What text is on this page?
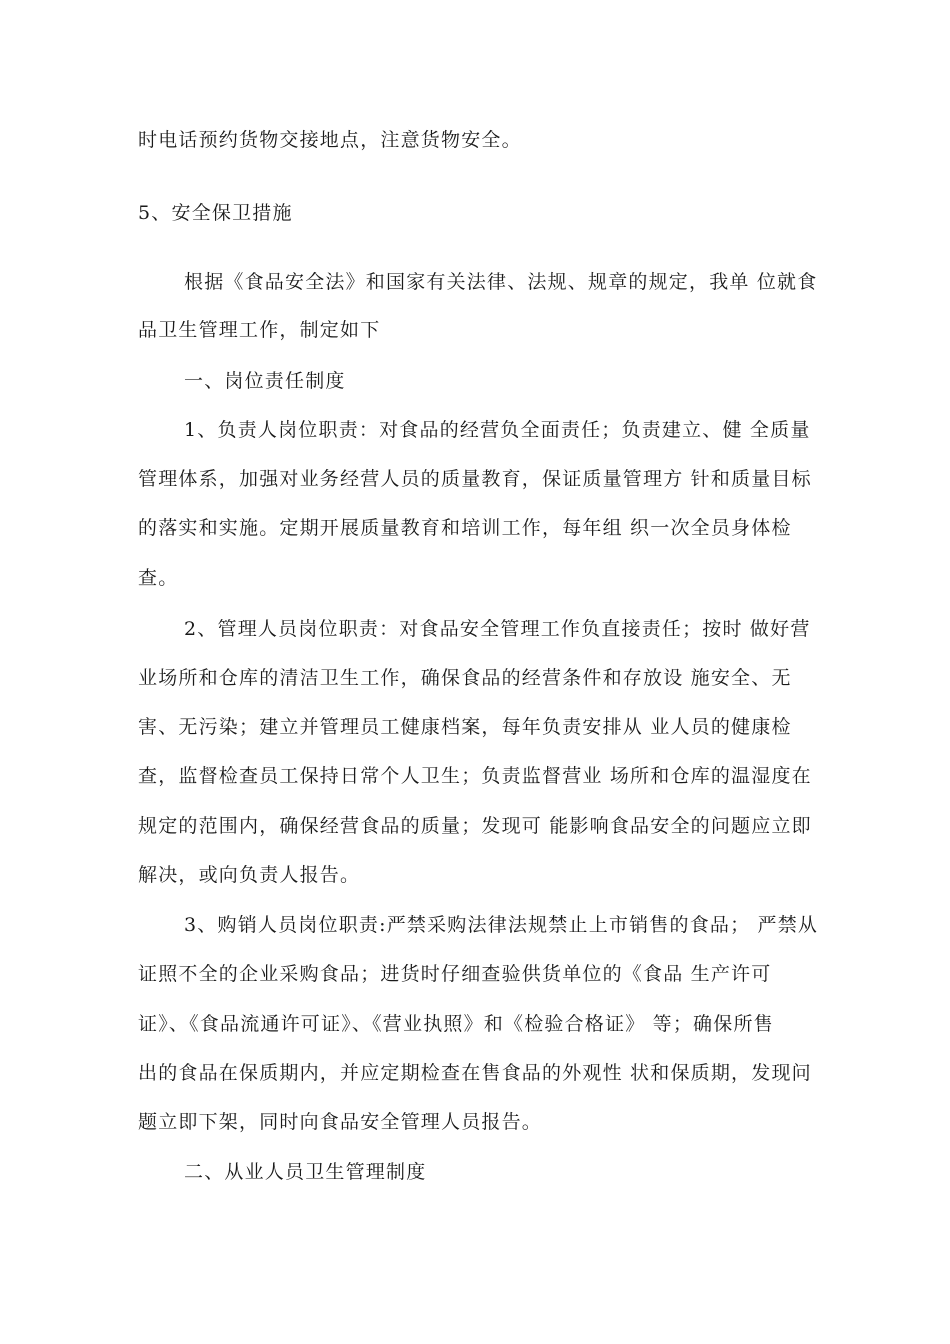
时电话预约货物交接地点，注意货物安全。
5、安全保卫措施
根据《食品安全法》和国家有关法律、法规、规章的规定，我单 位就食
品卫生管理工作，制定如下
一、岗位责任制度
1、负责人岗位职责：对食品的经营负全面责任；负责建立、健 全质量
管理体系，加强对业务经营人员的质量教育，保证质量管理方 针和质量目标
的落实和实施。定期开展质量教育和培训工作，每年组 织一次全员身体检
查。
2、管理人员岗位职责：对食品安全管理工作负直接责任；按时 做好营
业场所和仓库的清洁卫生工作，确保食品的经营条件和存放设 施安全、无
害、无污染；建立并管理员工健康档案，每年负责安排从 业人员的健康检
查，监督检查员工保持日常个人卫生；负责监督营业 场所和仓库的温湿度在
规定的范围内，确保经营食品的质量；发现可 能影响食品安全的问题应立即
解决，或向负责人报告。
3、购销人员岗位职责:严禁采购法律法规禁止上市销售的食品； 严禁从
证照不全的企业采购食品；进货时仔细查验供货单位的《食品 生产许可
证》、《食品流通许可证》、《营业执照》和《检验合格证》 等；确保所售
出的食品在保质期内，并应定期检查在售食品的外观性 状和保质期，发现问
题立即下架，同时向食品安全管理人员报告。
二、从业人员卫生管理制度
